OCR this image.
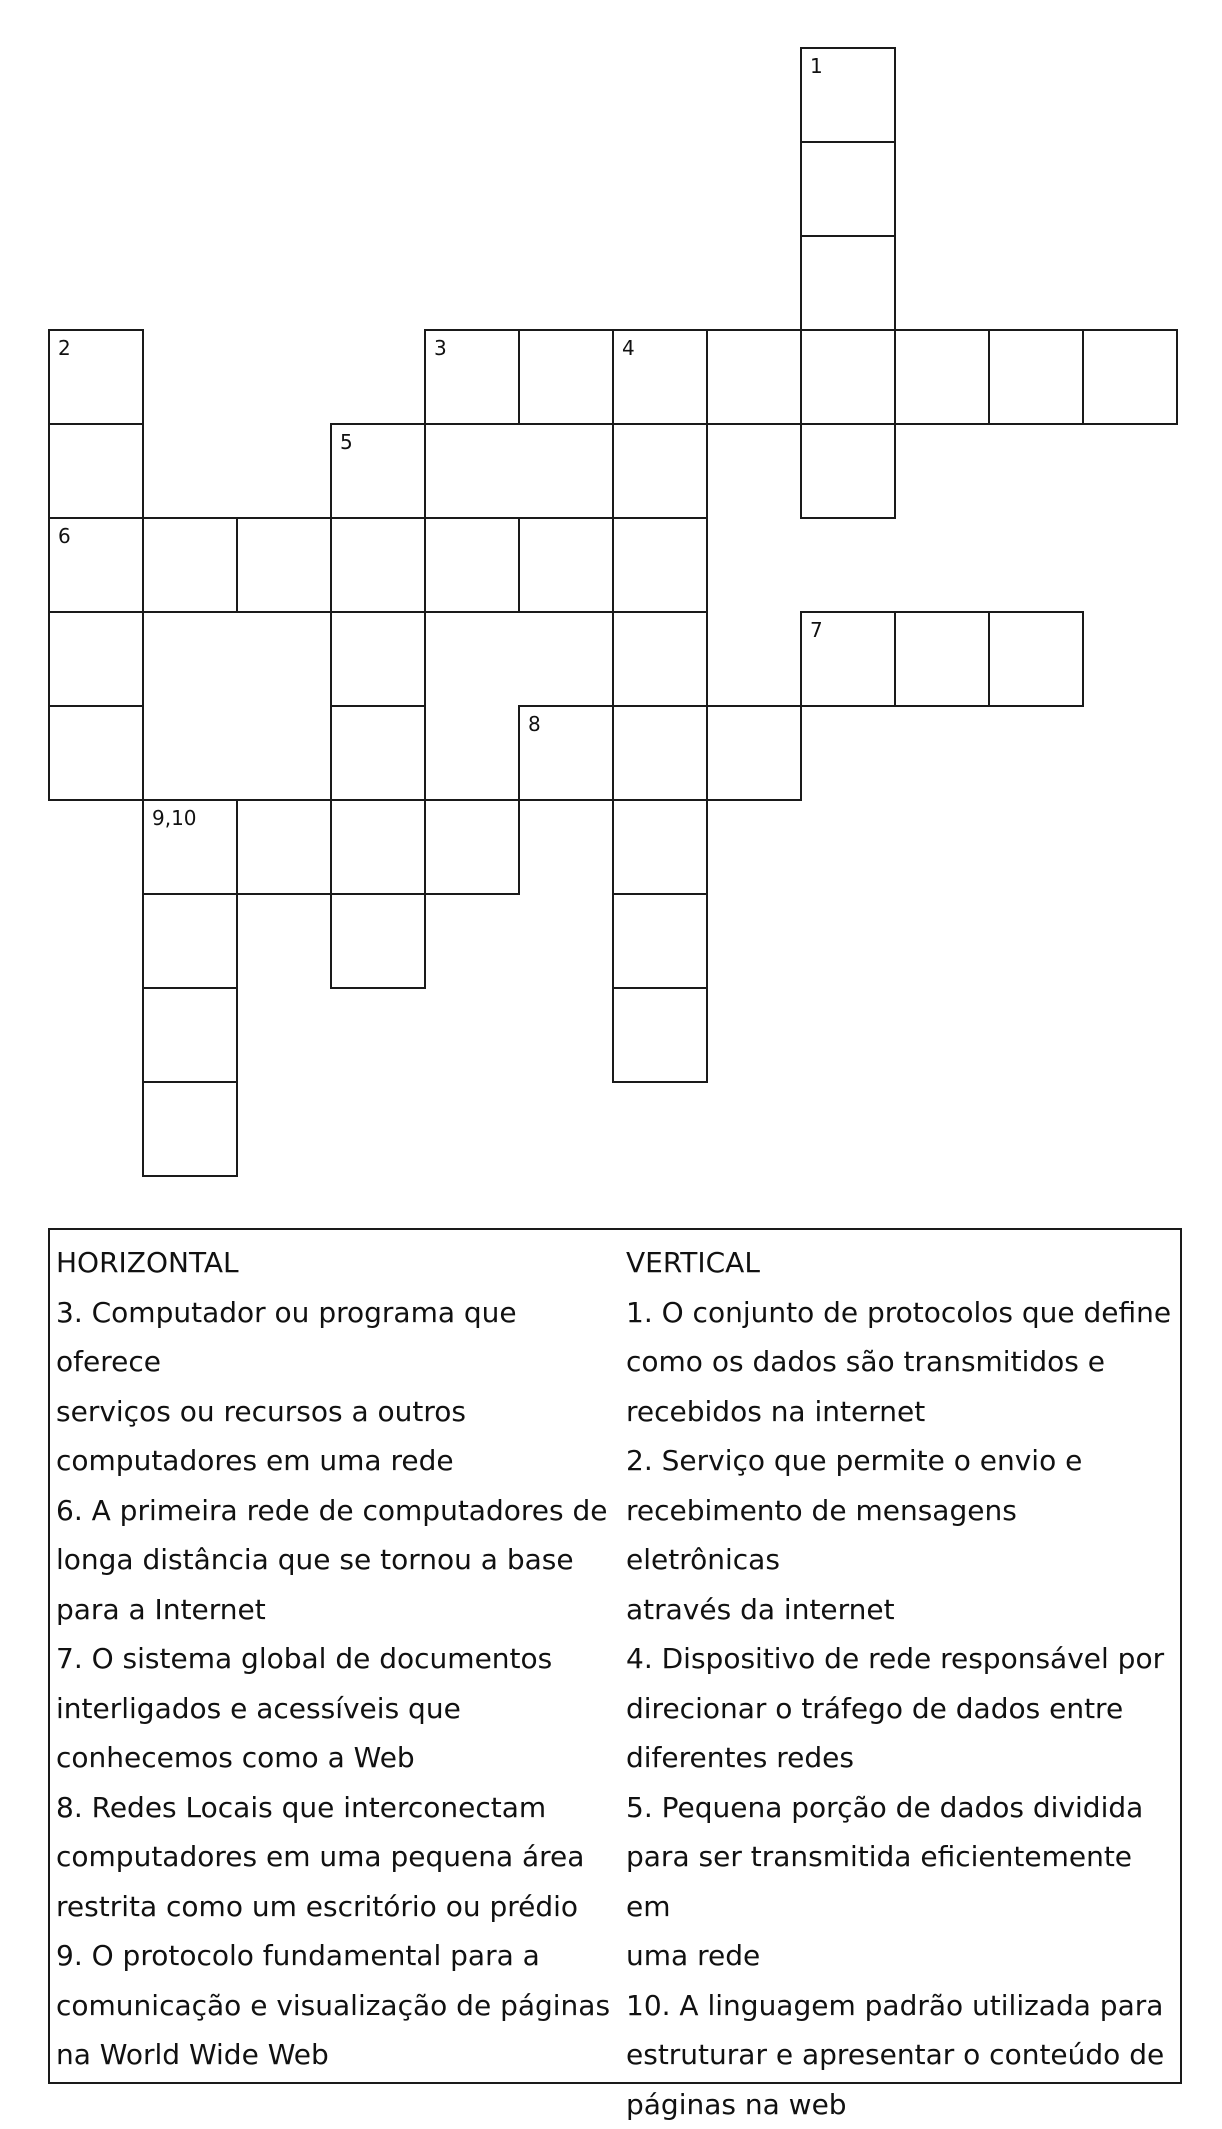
1
2	3	4
5
6
7
8
9,10

HORIZONTAL

3. Computador ou programa que oferece

serviços ou recursos a outros

computadores em uma rede

6. A primeira rede de computadores de

longa distância que se tornou a base

para a Internet

7. O sistema global de documentos

interligados e acessíveis que

conhecemos como a Web

8. Redes Locais que interconectam

computadores em uma pequena área

restrita como um escritório ou prédio

9. O protocolo fundamental para a

comunicação e visualização de páginas

na World Wide Web

VERTICAL

1. O conjunto de protocolos que define

como os dados são transmitidos e

recebidos na internet

2. Serviço que permite o envio e

recebimento de mensagens eletrônicas

através da internet

4. Dispositivo de rede responsável por

direcionar o tráfego de dados entre

diferentes redes

5. Pequena porção de dados dividida

para ser transmitida eficientemente em

uma rede

10. A linguagem padrão utilizada para

estruturar e apresentar o conteúdo de

páginas na web
